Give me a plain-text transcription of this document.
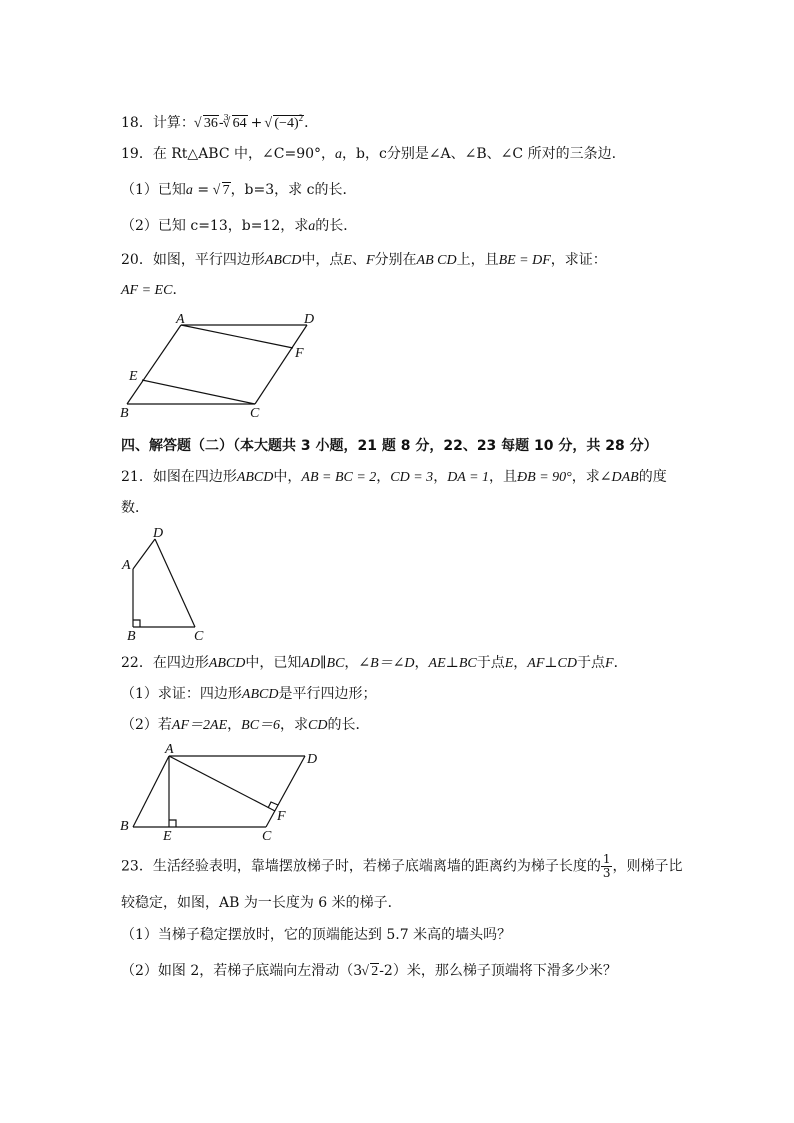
18．计算： √ 36-$^3$ √ 64 + √ $(-4)^2$．
19．在 Rt△ABC 中，∠C=90°，a，b，c分别是∠A、∠B、∠C 所对的三条边.
（1）已知a = √ 7，b=3，求 c的长．
（2）已知 c=13，b=12，求a的长．
20．如图，平行四边形ABCD中，点E、F分别在AB CD上，且BE = DF，求证：
AF = EC．
A	D
F
E
B	C
四、解答题（二）（本大题共 3 小题，21 题 8 分，22、23 每题 10 分，共 28 分）
21．如图在四边形ABCD中，AB = BC = 2，CD = 3，DA = 1，且ÐB = 90°，求∠DAB的度
数．
D
A
B	C
22．在四边形ABCD中，已知AD∥BC，∠B＝∠D，AE⊥BC于点E，AF⊥CD于点F．
（1）求证：四边形ABCD是平行四边形；
（2）若AF＝2AE，BC＝6，求CD的长．
A
D
F
B
E	C
23．生活经验表明，靠墙摆放梯子时，若梯子底端离墙的距离约为梯子长度的 $\frac{1}{3}$ ，则梯子比
较稳定，如图，AB 为一长度为 6 米的梯子．
（1）当梯子稳定摆放时，它的顶端能达到 5.7 米高的墙头吗？
（2）如图 2，若梯子底端向左滑动（3 √ 2-2）米，那么梯子顶端将下滑多少米？
